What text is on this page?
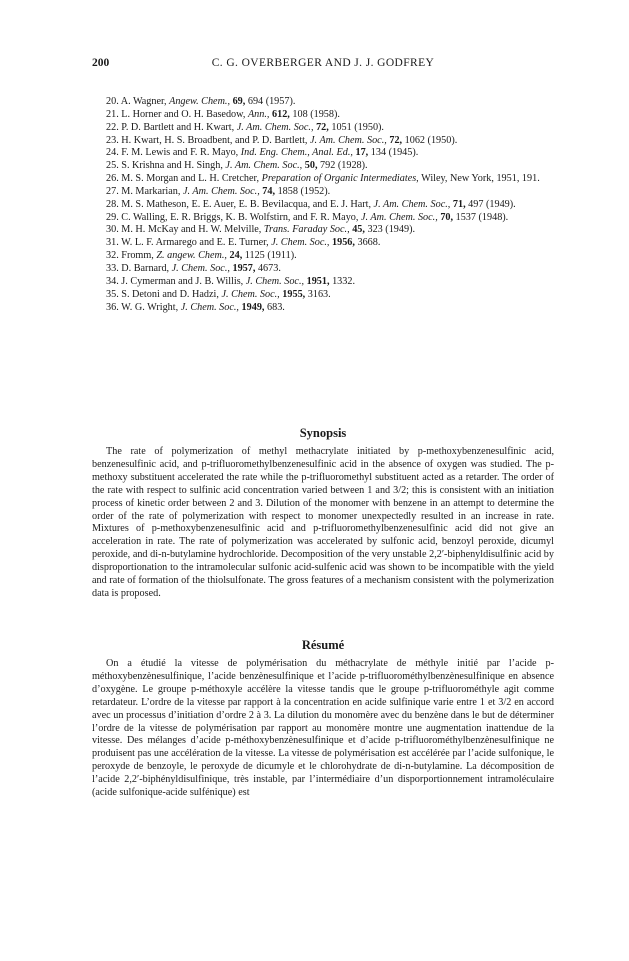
200	C. G. OVERBERGER AND J. J. GODFREY

20. A. Wagner, Angew. Chem., 69, 694 (1957).

21. L. Horner and O. H. Basedow, Ann., 612, 108 (1958).

22. P. D. Bartlett and H. Kwart, J. Am. Chem. Soc., 72, 1051 (1950).

23. H. Kwart, H. S. Broadbent, and P. D. Bartlett, J. Am. Chem. Soc., 72, 1062 (1950).

24. F. M. Lewis and F. R. Mayo, Ind. Eng. Chem., Anal. Ed., 17, 134 (1945).

25. S. Krishna and H. Singh, J. Am. Chem. Soc., 50, 792 (1928).

26. M. S. Morgan and L. H. Cretcher, Preparation of Organic Intermediates, Wiley, New York, 1951, 191.

27. M. Markarian, J. Am. Chem. Soc., 74, 1858 (1952).

28. M. S. Matheson, E. E. Auer, E. B. Bevilacqua, and E. J. Hart, J. Am. Chem. Soc., 71, 497 (1949).

29. C. Walling, E. R. Briggs, K. B. Wolfstirn, and F. R. Mayo, J. Am. Chem. Soc., 70, 1537 (1948).

30. M. H. McKay and H. W. Melville, Trans. Faraday Soc., 45, 323 (1949).

31. W. L. F. Armarego and E. E. Turner, J. Chem. Soc., 1956, 3668.

32. Fromm, Z. angew. Chem., 24, 1125 (1911).

33. D. Barnard, J. Chem. Soc., 1957, 4673.

34. J. Cymerman and J. B. Willis, J. Chem. Soc., 1951, 1332.

35. S. Detoni and D. Hadzi, J. Chem. Soc., 1955, 3163.

36. W. G. Wright, J. Chem. Soc., 1949, 683.

Synopsis

The rate of polymerization of methyl methacrylate initiated by p-methoxybenzenesulfinic acid, benzenesulfinic acid, and p-trifluoromethylbenzenesulfinic acid in the absence of oxygen was studied. The p-methoxy substituent accelerated the rate while the p-trifluoromethyl substituent acted as a retarder. The order of the rate with respect to sulfinic acid concentration varied between 1 and 3/2; this is consistent with an initiation process of kinetic order between 2 and 3. Dilution of the monomer with benzene in an attempt to determine the order of the rate of polymerization with respect to monomer unexpectedly resulted in an increase in rate. Mixtures of p-methoxybenzenesulfinic acid and p-trifluoromethylbenzenesulfinic acid did not give an acceleration in rate. The rate of polymerization was accelerated by sulfonic acid, benzoyl peroxide, dicumyl peroxide, and di-n-butylamine hydrochloride. Decomposition of the very unstable 2,2′-biphenyldisulfinic acid by disproportionation to the intramolecular sulfonic acid-sulfenic acid was shown to be incompatible with the yield and rate of formation of the thiolsulfonate. The gross features of a mechanism consistent with the polymerization data is proposed.

Résumé

On a étudié la vitesse de polymérisation du méthacrylate de méthyle initié par l’acide p-méthoxybenzènesulfinique, l’acide benzènesulfinique et l’acide p-trifluorométhylbenzènesulfinique en absence d’oxygène. Le groupe p-méthoxyle accélère la vitesse tandis que le groupe p-trifluorométhyle agit comme retardateur. L’ordre de la vitesse par rapport à la concentration en acide sulfinique varie entre 1 et 3/2 en accord avec un processus d’initiation d’ordre 2 à 3. La dilution du monomère avec du benzène dans le but de déterminer l’ordre de la vitesse de polymérisation par rapport au monomère montre une augmentation inattendue de la vitesse. Des mélanges d’acide p-méthoxybenzènesulfinique et d’acide p-trifluorométhylbenzènesulfinique ne produisent pas une accélération de la vitesse. La vitesse de polymérisation est accélérée par l’acide sulfonique, le peroxyde de benzoyle, le peroxyde de dicumyle et le chlorohydrate de di-n-butylamine. La décomposition de l’acide 2,2′-biphényldisulfinique, très instable, par l’intermédiaire d’un disporportionnement intramoléculaire (acide sulfonique-acide sulfénique) est
